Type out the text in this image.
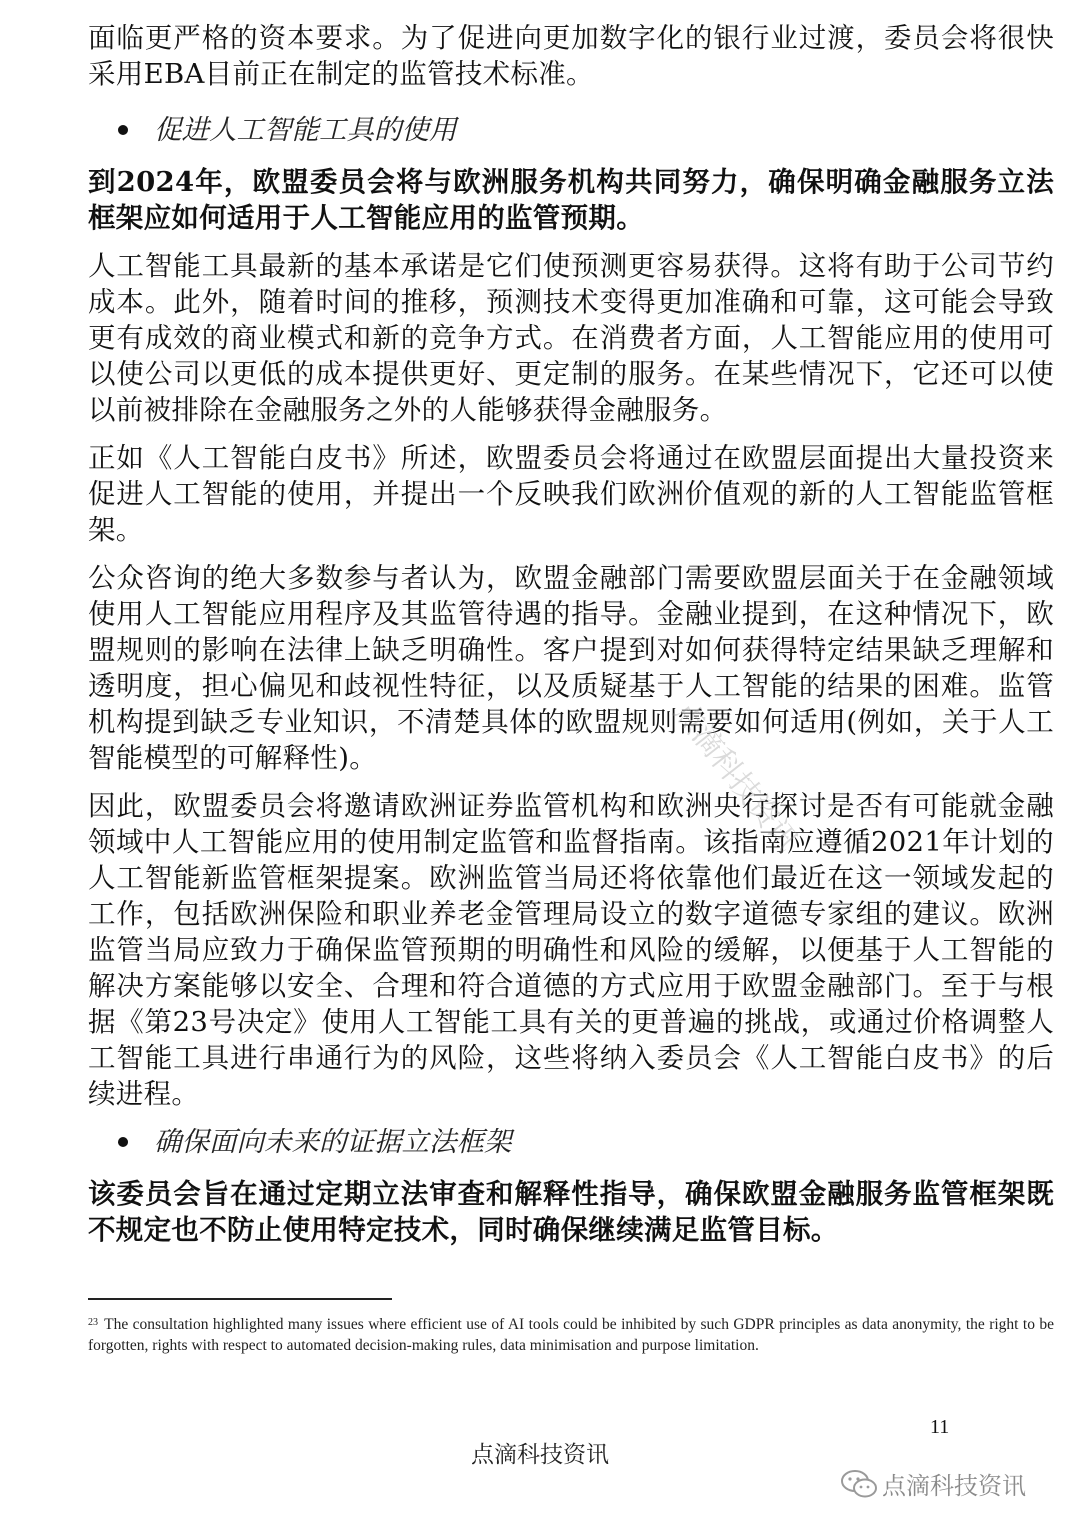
面临更严格的资本要求。为了促进向更加数字化的银行业过渡，委员会将很快采用EBA目前正在制定的监管技术标准。

促进人工智能工具的使用

到2024年，欧盟委员会将与欧洲服务机构共同努力，确保明确金融服务立法框架应如何适用于人工智能应用的监管预期。

人工智能工具最新的基本承诺是它们使预测更容易获得。这将有助于公司节约成本。此外，随着时间的推移，预测技术变得更加准确和可靠，这可能会导致更有成效的商业模式和新的竞争方式。在消费者方面，人工智能应用的使用可以使公司以更低的成本提供更好、更定制的服务。在某些情况下，它还可以使以前被排除在金融服务之外的人能够获得金融服务。

正如《人工智能白皮书》所述，欧盟委员会将通过在欧盟层面提出大量投资来促进人工智能的使用，并提出一个反映我们欧洲价值观的新的人工智能监管框架。

公众咨询的绝大多数参与者认为，欧盟金融部门需要欧盟层面关于在金融领域使用人工智能应用程序及其监管待遇的指导。金融业提到，在这种情况下，欧盟规则的影响在法律上缺乏明确性。客户提到对如何获得特定结果缺乏理解和透明度，担心偏见和歧视性特征，以及质疑基于人工智能的结果的困难。监管机构提到缺乏专业知识，不清楚具体的欧盟规则需要如何适用(例如，关于人工智能模型的可解释性)。

因此，欧盟委员会将邀请欧洲证券监管机构和欧洲央行探讨是否有可能就金融领域中人工智能应用的使用制定监管和监督指南。该指南应遵循2021年计划的人工智能新监管框架提案。欧洲监管当局还将依靠他们最近在这一领域发起的工作，包括欧洲保险和职业养老金管理局设立的数字道德专家组的建议。欧洲监管当局应致力于确保监管预期的明确性和风险的缓解，以便基于人工智能的解决方案能够以安全、合理和符合道德的方式应用于欧盟金融部门。至于与根据《第23号决定》使用人工智能工具有关的更普遍的挑战，或通过价格调整人工智能工具进行串通行为的风险，这些将纳入委员会《人工智能白皮书》的后续进程。

确保面向未来的证据立法框架

该委员会旨在通过定期立法审查和解释性指导，确保欧盟金融服务监管框架既不规定也不防止使用特定技术，同时确保继续满足监管目标。

点滴科技资讯
$^{23}$ The consultation highlighted many issues where efficient use of AI tools could be inhibited by such GDPR principles as data anonymity, the right to be forgotten, rights with respect to automated decision-making rules, data minimisation and purpose limitation.
11
点滴科技资讯
点滴科技资讯
